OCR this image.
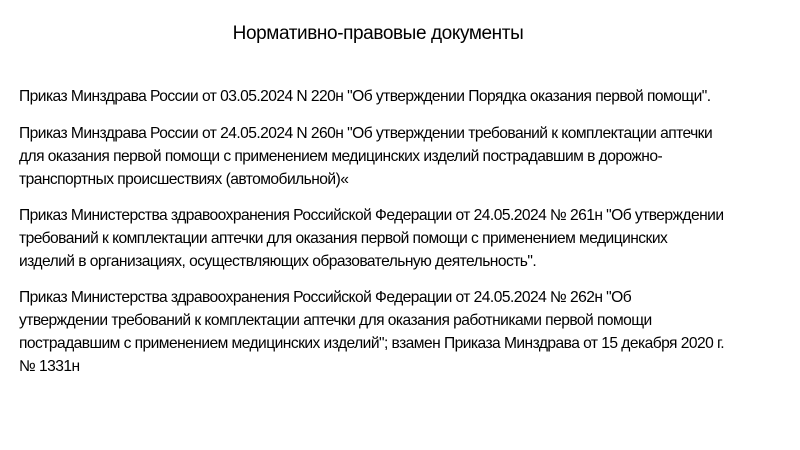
Нормативно-правовые документы
Приказ Минздрава России от 03.05.2024 N 220н "Об утверждении Порядка оказания первой помощи".
Приказ Минздрава России от 24.05.2024 N 260н "Об утверждении требований к комплектации аптечки
для оказания первой помощи с применением медицинских изделий пострадавшим в дорожно-
транспортных происшествиях (автомобильной)«
Приказ Министерства здравоохранения Российской Федерации от 24.05.2024 № 261н "Об утверждении
требований к комплектации аптечки для оказания первой помощи с применением медицинских
изделий в организациях, осуществляющих образовательную деятельность".
Приказ Министерства здравоохранения Российской Федерации от 24.05.2024 № 262н "Об
утверждении требований к комплектации аптечки для оказания работниками первой помощи
пострадавшим с применением медицинских изделий"; взамен Приказа Минздрава от 15 декабря 2020 г.
№ 1331н
